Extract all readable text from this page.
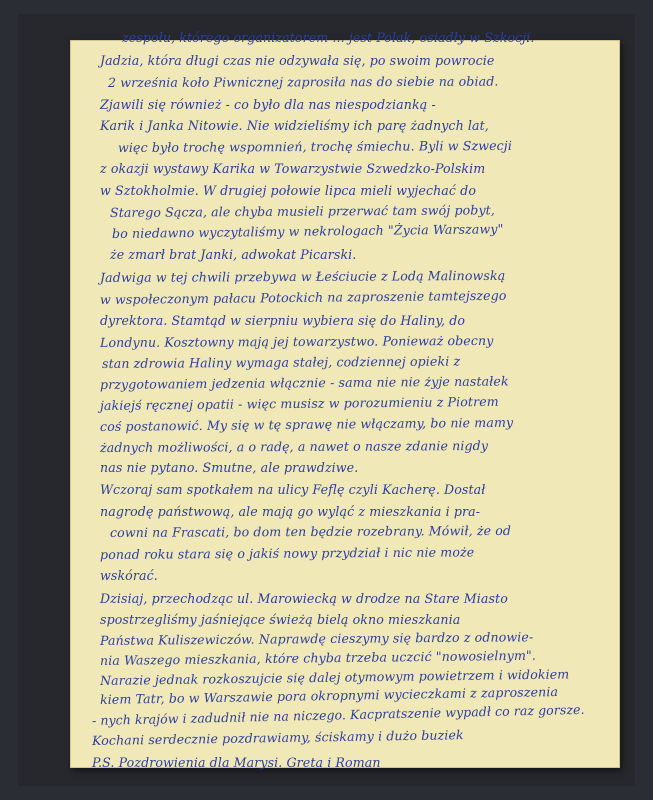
zespołu, którego organizatorem ... jest Polak, osiadły w Szkocji.
Jadzia, która długi czas nie odzywała się, po swoim powrocie
2 września koło Piwnicznej zaprosiła nas do siebie na obiad.
Zjawili się również - co było dla nas niespodzianką -
Karik i Janka Nitowie. Nie widzieliśmy ich parę żadnych lat,
więc było trochę wspomnień, trochę śmiechu. Byli w Szwecji
z okazji wystawy Karika w Towarzystwie Szwedzko-Polskim
w Sztokholmie. W drugiej połowie lipca mieli wyjechać do
Starego Sącza, ale chyba musieli przerwać tam swój pobyt,
bo niedawno wyczytaliśmy w nekrologach "Życia Warszawy"
że zmarł brat Janki, adwokat Picarski.
Jadwiga w tej chwili przebywa w Łeściucie z Lodą Malinowską
w wspołeczonym pałacu Potockich na zaproszenie tamtejszego
dyrektora. Stamtąd w sierpniu wybiera się do Haliny, do
Londynu. Kosztowny mają jej towarzystwo. Ponieważ obecny
stan zdrowia Haliny wymaga stałej, codziennej opieki z
przygotowaniem jedzenia włącznie - sama nie nie żyje nastałek
jakiejś ręcznej opatii - więc musisz w porozumieniu z Piotrem
coś postanowić. My się w tę sprawę nie włączamy, bo nie mamy
żadnych możliwości, a o radę, a nawet o nasze zdanie nigdy
nas nie pytano. Smutne, ale prawdziwe.
Wczoraj sam spotkałem na ulicy Feflę czyli Kacherę. Dostał
nagrodę państwową, ale mają go wyląć z mieszkania i pra-
cowni na Frascati, bo dom ten będzie rozebrany. Mówił, że od
ponad roku stara się o jakiś nowy przydział i nic nie może
wskórać.
Dzisiaj, przechodząc ul. Marowiecką w drodze na Stare Miasto
spostrzegliśmy jaśniejące świeżą bielą okno mieszkania
Państwa Kuliszewiczów. Naprawdę cieszymy się bardzo z odnowie-
nia Waszego mieszkania, które chyba trzeba uczcić "nowosielnym".
Narazie jednak rozkoszujcie się dalej otymowym powietrzem i widokiem
kiem Tatr, bo w Warszawie pora okropnymi wycieczkami z zaproszenia
- nych krajów i zadudnił nie na niczego. Kacpratszenie wypadł co raz gorsze.
Kochani serdecznie pozdrawiamy, ściskamy i dużo buziek
P.S. Pozdrowienia dla Marysi. Greta i Roman
